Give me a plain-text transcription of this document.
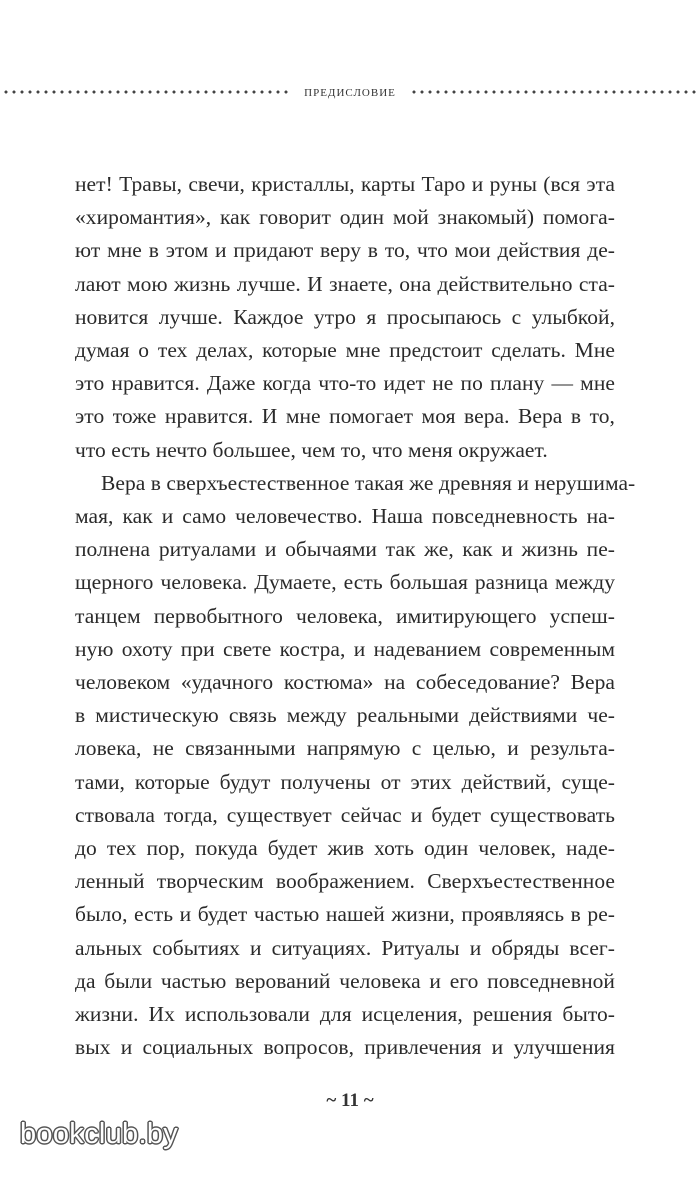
предисловие
нет! Травы, свечи, кристаллы, карты Таро и руны (вся эта
«хиромантия», как говорит один мой знакомый) помога-
ют мне в этом и придают веру в то, что мои действия де-
лают мою жизнь лучше. И знаете, она действительно ста-
новится лучше. Каждое утро я просыпаюсь с улыбкой,
думая о тех делах, которые мне предстоит сделать. Мне
это нравится. Даже когда что-то идет не по плану — мне
это тоже нравится. И мне помогает моя вера. Вера в то,
что есть нечто большее, чем то, что меня окружает.
Вера в сверхъестественное такая же древняя и нерушима-
мая, как и само человечество. Наша повседневность на-
полнена ритуалами и обычаями так же, как и жизнь пе-
щерного человека. Думаете, есть большая разница между
танцем первобытного человека, имитирующего успеш-
ную охоту при свете костра, и надеванием современным
человеком «удачного костюма» на собеседование? Вера
в мистическую связь между реальными действиями че-
ловека, не связанными напрямую с целью, и результа-
тами, которые будут получены от этих действий, суще-
ствовала тогда, существует сейчас и будет существовать
до тех пор, покуда будет жив хоть один человек, наде-
ленный творческим воображением. Сверхъестественное
было, есть и будет частью нашей жизни, проявляясь в ре-
альных событиях и ситуациях. Ритуалы и обряды всег-
да были частью верований человека и его повседневной
жизни. Их использовали для исцеления, решения быто-
вых и социальных вопросов, привлечения и улучшения
~ 11 ~
bookclub.by
